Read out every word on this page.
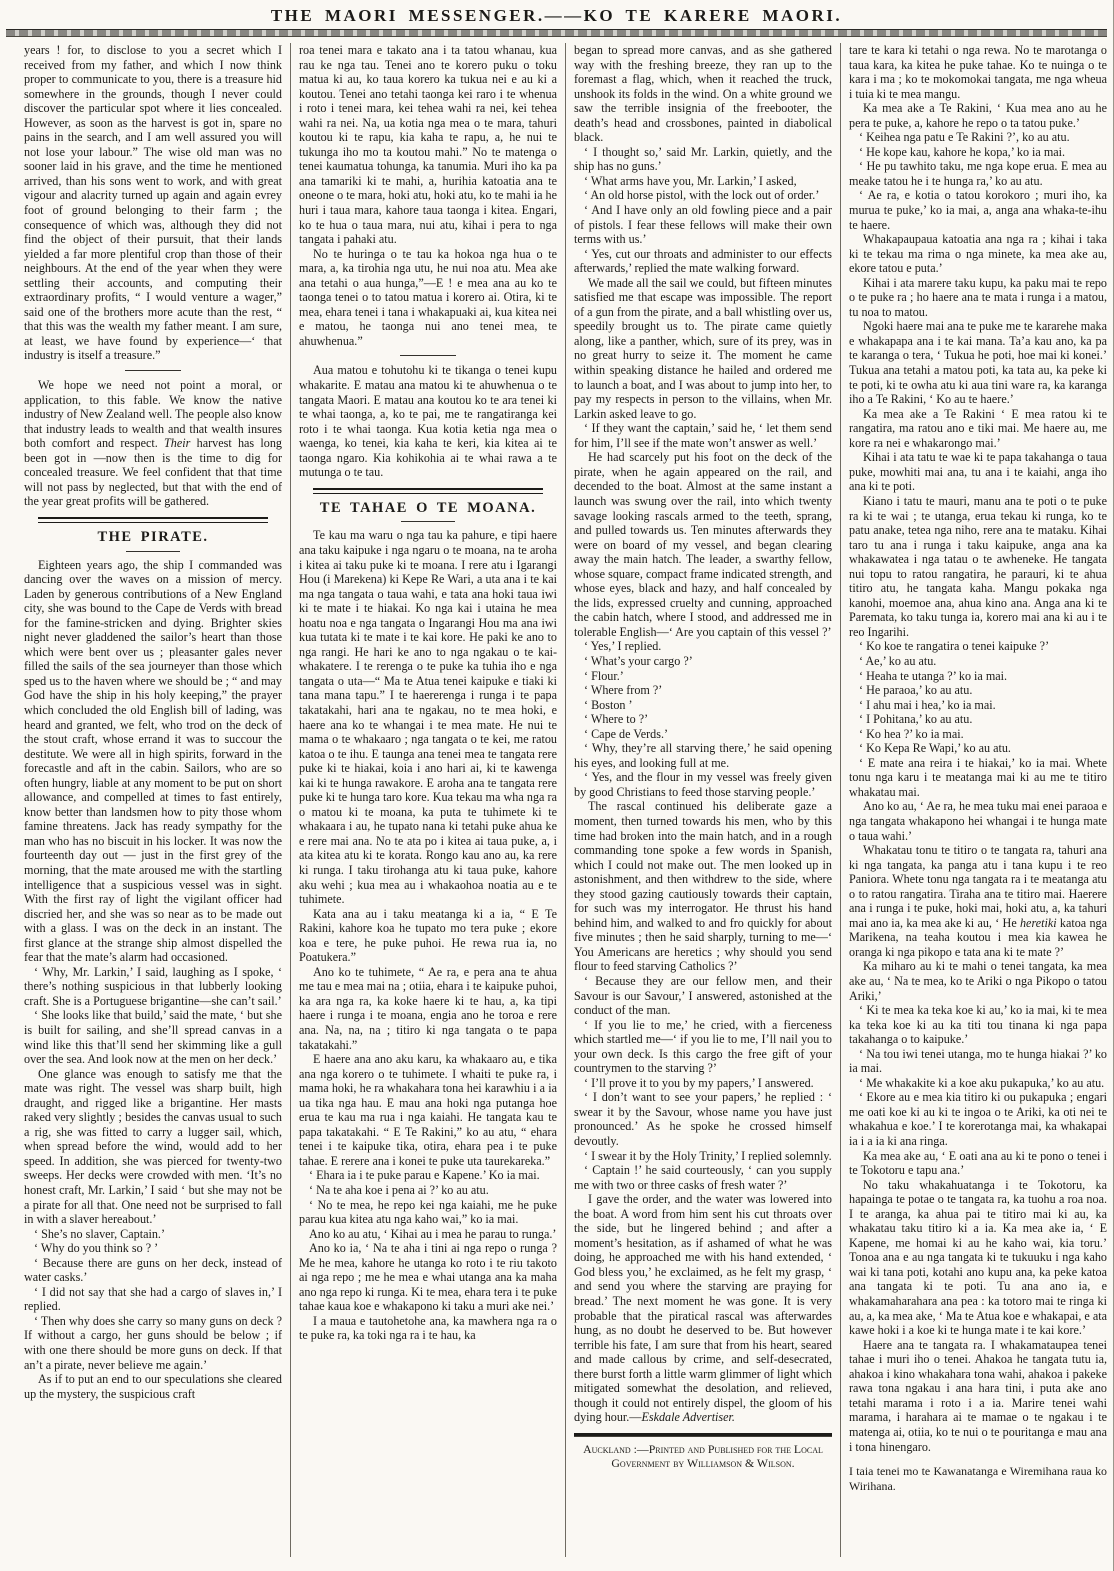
THE MAORI MESSENGER.——KO TE KARERE MAORI.

years ! for, to disclose to you a secret which I received from my father, and which I now think proper to communicate to you, there is a treasure hid somewhere in the grounds, though I never could discover the particular spot where it lies concealed. However, as soon as the harvest is got in, spare no pains in the search, and I am well assured you will not lose your labour.” The wise old man was no sooner laid in his grave, and the time he mentioned arrived, than his sons went to work, and with great vigour and alacrity turned up again and again evrey foot of ground belonging to their farm ; the consequence of which was, although they did not find the object of their pursuit, that their lands yielded a far more plentiful crop than those of their neighbours. At the end of the year when they were settling their accounts, and computing their extraordinary profits, “ I would venture a wager,” said one of the brothers more acute than the rest, “ that this was the wealth my father meant. I am sure, at least, we have found by experience—‘ that industry is itself a treasure.”

We hope we need not point a moral, or application, to this fable. We know the native industry of New Zealand well. The people also know that industry leads to wealth and that wealth insures both comfort and respect. Their harvest has long been got in —now then is the time to dig for concealed treasure. We feel confident that that time will not pass by neglected, but that with the end of the year great profits will be gathered.

THE PIRATE.

Eighteen years ago, the ship I commanded was dancing over the waves on a mission of mercy. Laden by generous contributions of a New England city, she was bound to the Cape de Verds with bread for the famine-stricken and dying. Brighter skies night never gladdened the sailor’s heart than those which were bent over us ; pleasanter gales never filled the sails of the sea journeyer than those which sped us to the haven where we should be ; “ and may God have the ship in his holy keeping,” the prayer which concluded the old English bill of lading, was heard and granted, we felt, who trod on the deck of the stout craft, whose errand it was to succour the destitute. We were all in high spirits, forward in the forecastle and aft in the cabin. Sailors, who are so often hungry, liable at any moment to be put on short allowance, and compelled at times to fast entirely, know better than landsmen how to pity those whom famine threatens. Jack has ready sympathy for the man who has no biscuit in his locker. It was now the fourteenth day out — just in the first grey of the morning, that the mate aroused me with the startling intelligence that a suspicious vessel was in sight. With the first ray of light the vigilant officer had discried her, and she was so near as to be made out with a glass. I was on the deck in an instant. The first glance at the strange ship almost dispelled the fear that the mate’s alarm had occasioned.

‘ Why, Mr. Larkin,’ I said, laughing as I spoke, ‘ there’s nothing suspicious in that lubberly looking craft. She is a Portuguese brigantine—she can’t sail.’

‘ She looks like that build,’ said the mate, ‘ but she is built for sailing, and she’ll spread canvas in a wind like this that’ll send her skimming like a gull over the sea. And look now at the men on her deck.’

One glance was enough to satisfy me that the mate was right. The vessel was sharp built, high draught, and rigged like a brigantine. Her masts raked very slightly ; besides the canvas usual to such a rig, she was fitted to carry a lugger sail, which, when spread before the wind, would add to her speed. In addition, she was pierced for twenty-two sweeps. Her decks were crowded with men. ‘It’s no honest craft, Mr. Larkin,’ I said ‘ but she may not be a pirate for all that. One need not be surprised to fall in with a slaver hereabout.’

‘ She’s no slaver, Captain.’

‘ Why do you think so ? ’

‘ Because there are guns on her deck, instead of water casks.’

‘ I did not say that she had a cargo of slaves in,’ I replied.

‘ Then why does she carry so many guns on deck ? If without a cargo, her guns should be below ; if with one there should be more guns on deck. If that an’t a pirate, never believe me again.’

As if to put an end to our speculations she cleared up the mystery, the suspicious craft

roa tenei mara e takato ana i ta tatou whanau, kua rau ke nga tau. Tenei ano te korero puku o toku matua ki au, ko taua korero ka tukua nei e au ki a koutou. Tenei ano tetahi taonga kei raro i te whenua i roto i tenei mara, kei tehea wahi ra nei, kei tehea wahi ra nei. Na, ua kotia nga mea o te mara, tahuri koutou ki te rapu, kia kaha te rapu, a, he nui te tukunga iho mo ta koutou mahi.” No te matenga o tenei kaumatua tohunga, ka tanumia. Muri iho ka pa ana tamariki ki te mahi, a, hurihia katoatia ana te oneone o te mara, hoki atu, hoki atu, ko te mahi ia he huri i taua mara, kahore taua taonga i kitea. Engari, ko te hua o taua mara, nui atu, kihai i pera to nga tangata i pahaki atu.

No te huringa o te tau ka hokoa nga hua o te mara, a, ka tirohia nga utu, he nui noa atu. Mea ake ana tetahi o aua hunga,”—E ! e mea ana au ko te taonga tenei o to tatou matua i korero ai. Otira, ki te mea, ehara tenei i tana i whakapuaki ai, kua kitea nei e matou, he taonga nui ano tenei mea, te ahuwhenua.”

Aua matou e tohutohu ki te tikanga o tenei kupu whakarite. E matau ana matou ki te ahuwhenua o te tangata Maori. E matau ana koutou ko te ara tenei ki te whai taonga, a, ko te pai, me te rangatiranga kei roto i te whai taonga. Kua kotia ketia nga mea o waenga, ko tenei, kia kaha te keri, kia kitea ai te taonga ngaro. Kia kohikohia ai te whai rawa a te mutunga o te tau.

TE TAHAE O TE MOANA.

Te kau ma waru o nga tau ka pahure, e tipi haere ana taku kaipuke i nga ngaru o te moana, na te aroha i kitea ai taku puke ki te moana. I rere atu i Igarangi Hou (i Marekena) ki Kepe Re Wari, a uta ana i te kai ma nga tangata o taua wahi, e tata ana hoki taua iwi ki te mate i te hiakai. Ko nga kai i utaina he mea hoatu noa e nga tangata o Ingarangi Hou ma ana iwi kua tutata ki te mate i te kai kore. He paki ke ano to nga rangi. He hari ke ano to nga ngakau o te kai-whakatere. I te rerenga o te puke ka tuhia iho e nga tangata o uta—“ Ma te Atua tenei kaipuke e tiaki ki tana mana tapu.” I te haererenga i runga i te papa takatakahi, hari ana te ngakau, no te mea hoki, e haere ana ko te whangai i te mea mate. He nui te mama o te whakaaro ; nga tangata o te kei, me ratou katoa o te ihu. E taunga ana tenei mea te tangata rere puke ki te hiakai, koia i ano hari ai, ki te kawenga kai ki te hunga rawakore. E aroha ana te tangata rere puke ki te hunga taro kore. Kua tekau ma wha nga ra o matou ki te moana, ka puta te tuhimete ki te whakaara i au, he tupato nana ki tetahi puke ahua ke e rere mai ana. No te ata po i kitea ai taua puke, a, i ata kitea atu ki te korata. Rongo kau ano au, ka rere ki runga. I taku tirohanga atu ki taua puke, kahore aku wehi ; kua mea au i whakaohoa noatia au e te tuhimete.

Kata ana au i taku meatanga ki a ia, “ E Te Rakini, kahore koa he tupato mo tera puke ; ekore koa e tere, he puke puhoi. He rewa rua ia, no Poatukera.”

Ano ko te tuhimete, “ Ae ra, e pera ana te ahua me tau e mea mai na ; otiia, ehara i te kaipuke puhoi, ka ara nga ra, ka koke haere ki te hau, a, ka tipi haere i runga i te moana, engia ano he toroa e rere ana. Na, na, na ; titiro ki nga tangata o te papa takatakahi.”

E haere ana ano aku karu, ka whakaaro au, e tika ana nga korero o te tuhimete. I whaiti te puke ra, i mama hoki, he ra whakahara tona hei karawhiu i a ia ua tika nga hau. E mau ana hoki nga putanga hoe erua te kau ma rua i nga kaiahi. He tangata kau te papa takatakahi. “ E Te Rakini,” ko au atu, “ ehara tenei i te kaipuke tika, otira, ehara pea i te puke tahae. E rerere ana i konei te puke uta taurekareka.”

‘ Ehara ia i te puke parau e Kapene.’ Ko ia mai.

‘ Na te aha koe i pena ai ?’ ko au atu.

‘ No te mea, he repo kei nga kaiahi, me he puke parau kua kitea atu nga kaho wai,” ko ia mai.

Ano ko au atu, ‘ Kihai au i mea he parau to runga.’

Ano ko ia, ‘ Na te aha i tini ai nga repo o runga ? Me he mea, kahore he utanga ko roto i te riu takoto ai nga repo ; me he mea e whai utanga ana ka maha ano nga repo ki runga. Ki te mea, ehara tera i te puke tahae kaua koe e whakapono ki taku a muri ake nei.’

I a maua e tautohetohe ana, ka mawhera nga ra o te puke ra, ka toki nga ra i te hau, ka

began to spread more canvas, and as she gathered way with the freshing breeze, they ran up to the foremast a flag, which, when it reached the truck, unshook its folds in the wind. On a white ground we saw the terrible insignia of the freebooter, the death’s head and crossbones, painted in diabolical black.

‘ I thought so,’ said Mr. Larkin, quietly, and the ship has no guns.’

‘ What arms have you, Mr. Larkin,’ I asked,

‘ An old horse pistol, with the lock out of order.’

‘ And I have only an old fowling piece and a pair of pistols. I fear these fellows will make their own terms with us.’

‘ Yes, cut our throats and administer to our effects afterwards,’ replied the mate walking forward.

We made all the sail we could, but fifteen minutes satisfied me that escape was impossible. The report of a gun from the pirate, and a ball whistling over us, speedily brought us to. The pirate came quietly along, like a panther, which, sure of its prey, was in no great hurry to seize it. The moment he came within speaking distance he hailed and ordered me to launch a boat, and I was about to jump into her, to pay my respects in person to the villains, when Mr. Larkin asked leave to go.

‘ If they want the captain,’ said he, ‘ let them send for him, I’ll see if the mate won’t answer as well.’

He had scarcely put his foot on the deck of the pirate, when he again appeared on the rail, and decended to the boat. Almost at the same instant a launch was swung over the rail, into which twenty savage looking rascals armed to the teeth, sprang, and pulled towards us. Ten minutes afterwards they were on board of my vessel, and began clearing away the main hatch. The leader, a swarthy fellow, whose square, compact frame indicated strength, and whose eyes, black and hazy, and half concealed by the lids, expressed cruelty and cunning, approached the cabin hatch, where I stood, and addressed me in tolerable English—‘ Are you captain of this vessel ?’

‘ Yes,’ I replied.

‘ What’s your cargo ?’

‘ Flour.’

‘ Where from ?’

‘ Boston ’

‘ Where to ?’

‘ Cape de Verds.’

‘ Why, they’re all starving there,’ he said opening his eyes, and looking full at me.

‘ Yes, and the flour in my vessel was freely given by good Christians to feed those starving people.’

The rascal continued his deliberate gaze a moment, then turned towards his men, who by this time had broken into the main hatch, and in a rough commanding tone spoke a few words in Spanish, which I could not make out. The men looked up in astonishment, and then withdrew to the side, where they stood gazing cautiously towards their captain, for such was my interrogator. He thrust his hand behind him, and walked to and fro quickly for about five minutes ; then he said sharply, turning to me—‘ You Americans are heretics ; why should you send flour to feed starving Catholics ?’

‘ Because they are our fellow men, and their Savour is our Savour,’ I answered, astonished at the conduct of the man.

‘ If you lie to me,’ he cried, with a fierceness which startled me—‘ if you lie to me, I’ll nail you to your own deck. Is this cargo the free gift of your countrymen to the starving ?’

‘ I’ll prove it to you by my papers,’ I answered.

‘ I don’t want to see your papers,’ he replied : ‘ swear it by the Savour, whose name you have just pronounced.’ As he spoke he crossed himself devoutly.

‘ I swear it by the Holy Trinity,’ I replied solemnly.

‘ Captain !’ he said courteously, ‘ can you supply me with two or three casks of fresh water ?’

I gave the order, and the water was lowered into the boat. A word from him sent his cut throats over the side, but he lingered behind ; and after a moment’s hesitation, as if ashamed of what he was doing, he approached me with his hand extended, ‘ God bless you,’ he exclaimed, as he felt my grasp, ‘ and send you where the starving are praying for bread.’ The next moment he was gone. It is very probable that the piratical rascal was afterwardes hung, as no doubt he deserved to be. But however terrible his fate, I am sure that from his heart, seared and made callous by crime, and self-desecrated, there burst forth a little warm glimmer of light which mitigated somewhat the desolation, and relieved, though it could not entirely dispel, the gloom of his dying hour.—Eskdale Advertiser.

Auckland :—Printed and Published for the Local Government by Williamson & Wilson.

tare te kara ki tetahi o nga rewa. No te marotanga o taua kara, ka kitea he puke tahae. Ko te nuinga o te kara i ma ; ko te mokomokai tangata, me nga wheua i tuia ki te mea mangu.

Ka mea ake a Te Rakini, ‘ Kua mea ano au he pera te puke, a, kahore he repo o ta tatou puke.’

‘ Keihea nga patu e Te Rakini ?’, ko au atu.

‘ He kope kau, kahore he kopa,’ ko ia mai.

‘ He pu tawhito taku, me nga kope erua. E mea au meake tatou he i te hunga ra,’ ko au atu.

‘ Ae ra, e kotia o tatou korokoro ; muri iho, ka murua te puke,’ ko ia mai, a, anga ana whaka-te-ihu te haere.

Whakapaupaua katoatia ana nga ra ; kihai i taka ki te tekau ma rima o nga minete, ka mea ake au, ekore tatou e puta.’

Kihai i ata marere taku kupu, ka paku mai te repo o te puke ra ; ho haere ana te mata i runga i a matou, tu noa to matou.

Ngoki haere mai ana te puke me te kararehe maka e whakapapa ana i te kai mana. Ta’a kau ano, ka pa te karanga o tera, ‘ Tukua he poti, hoe mai ki konei.’ Tukua ana tetahi a matou poti, ka tata au, ka peke ki te poti, ki te owha atu ki aua tini ware ra, ka karanga iho a Te Rakini, ‘ Ko au te haere.’

Ka mea ake a Te Rakini ‘ E mea ratou ki te rangatira, ma ratou ano e tiki mai. Me haere au, me kore ra nei e whakarongo mai.’

Kihai i ata tatu te wae ki te papa takahanga o taua puke, mowhiti mai ana, tu ana i te kaiahi, anga iho ana ki te poti.

Kiano i tatu te mauri, manu ana te poti o te puke ra ki te wai ; te utanga, erua tekau ki runga, ko te patu anake, tetea nga niho, rere ana te mataku. Kihai taro tu ana i runga i taku kaipuke, anga ana ka whakawatea i nga tatau o te awheneke. He tangata nui topu to ratou rangatira, he parauri, ki te ahua titiro atu, he tangata kaha. Mangu pokaka nga kanohi, moemoe ana, ahua kino ana. Anga ana ki te Paremata, ko taku tunga ia, korero mai ana ki au i te reo Ingarihi.

‘ Ko koe te rangatira o tenei kaipuke ?’

‘ Ae,’ ko au atu.

‘ Heaha te utanga ?’ ko ia mai.

‘ He paraoa,’ ko au atu.

‘ I ahu mai i hea,’ ko ia mai.

‘ I Pohitana,’ ko au atu.

‘ Ko hea ?’ ko ia mai.

‘ Ko Kepa Re Wapi,’ ko au atu.

‘ E mate ana reira i te hiakai,’ ko ia mai. Whete tonu nga karu i te meatanga mai ki au me te titiro whakatau mai.

Ano ko au, ‘ Ae ra, he mea tuku mai enei paraoa e nga tangata whakapono hei whangai i te hunga mate o taua wahi.’

Whakatau tonu te titiro o te tangata ra, tahuri ana ki nga tangata, ka panga atu i tana kupu i te reo Paniora. Whete tonu nga tangata ra i te meatanga atu o to ratou rangatira. Tiraha ana te titiro mai. Haerere ana i runga i te puke, hoki mai, hoki atu, a, ka tahuri mai ano ia, ka mea ake ki au, ‘ He heretiki katoa nga Marikena, na teaha koutou i mea kia kawea he oranga ki nga pikopo e tata ana ki te mate ?’

Ka miharo au ki te mahi o tenei tangata, ka mea ake au, ‘ Na te mea, ko te Ariki o nga Pikopo o tatou Ariki,’

‘ Ki te mea ka teka koe ki au,’ ko ia mai, ki te mea ka teka koe ki au ka titi tou tinana ki nga papa takahanga o to kaipuke.’

‘ Na tou iwi tenei utanga, mo te hunga hiakai ?’ ko ia mai.

‘ Me whakakite ki a koe aku pukapuka,’ ko au atu.

‘ Ekore au e mea kia titiro ki ou pukapuka ; engari me oati koe ki au ki te ingoa o te Ariki, ka oti nei te whakahua e koe.’ I te korerotanga mai, ka whakapai ia i a ia ki ana ringa.

Ka mea ake au, ‘ E oati ana au ki te pono o tenei i te Tokotoru e tapu ana.’

No taku whakahuatanga i te Tokotoru, ka hapainga te potae o te tangata ra, ka tuohu a roa noa. I te aranga, ka ahua pai te titiro mai ki au, ka whakatau taku titiro ki a ia. Ka mea ake ia, ‘ E Kapene, me homai ki au he kaho wai, kia toru.’ Tonoa ana e au nga tangata ki te tukuuku i nga kaho wai ki tana poti, kotahi ano kupu ana, ka peke katoa ana tangata ki te poti. Tu ana ano ia, e whakamaharahara ana pea : ka totoro mai te ringa ki au, a, ka mea ake, ‘ Ma te Atua koe e whakapai, e ata kawe hoki i a koe ki te hunga mate i te kai kore.’

Haere ana te tangata ra. I whakamataupea tenei tahae i muri iho o tenei. Ahakoa he tangata tutu ia, ahakoa i kino whakahara tona wahi, ahakoa i pakeke rawa tona ngakau i ana hara tini, i puta ake ano tetahi marama i roto i a ia. Marire tenei wahi marama, i harahara ai te mamae o te ngakau i te matenga ai, otiia, ko te nui o te pouritanga e mau ana i tona hinengaro.

I taia tenei mo te Kawanatanga e Wiremihana raua ko Wirihana.
